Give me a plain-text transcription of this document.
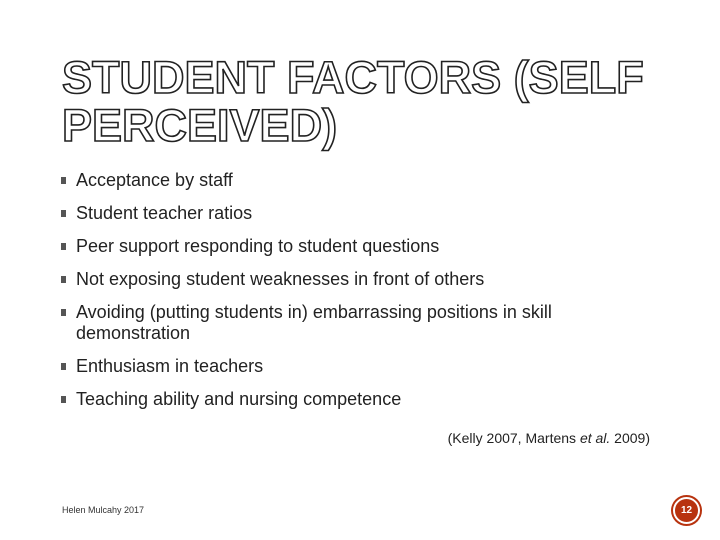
STUDENT FACTORS (SELF PERCEIVED)
Acceptance by staff
Student teacher ratios
Peer support responding to student questions
Not exposing student weaknesses in front of others
Avoiding (putting students in) embarrassing positions in skill demonstration
Enthusiasm in teachers
Teaching ability and nursing competence
(Kelly 2007, Martens et al. 2009)
Helen Mulcahy 2017	12
